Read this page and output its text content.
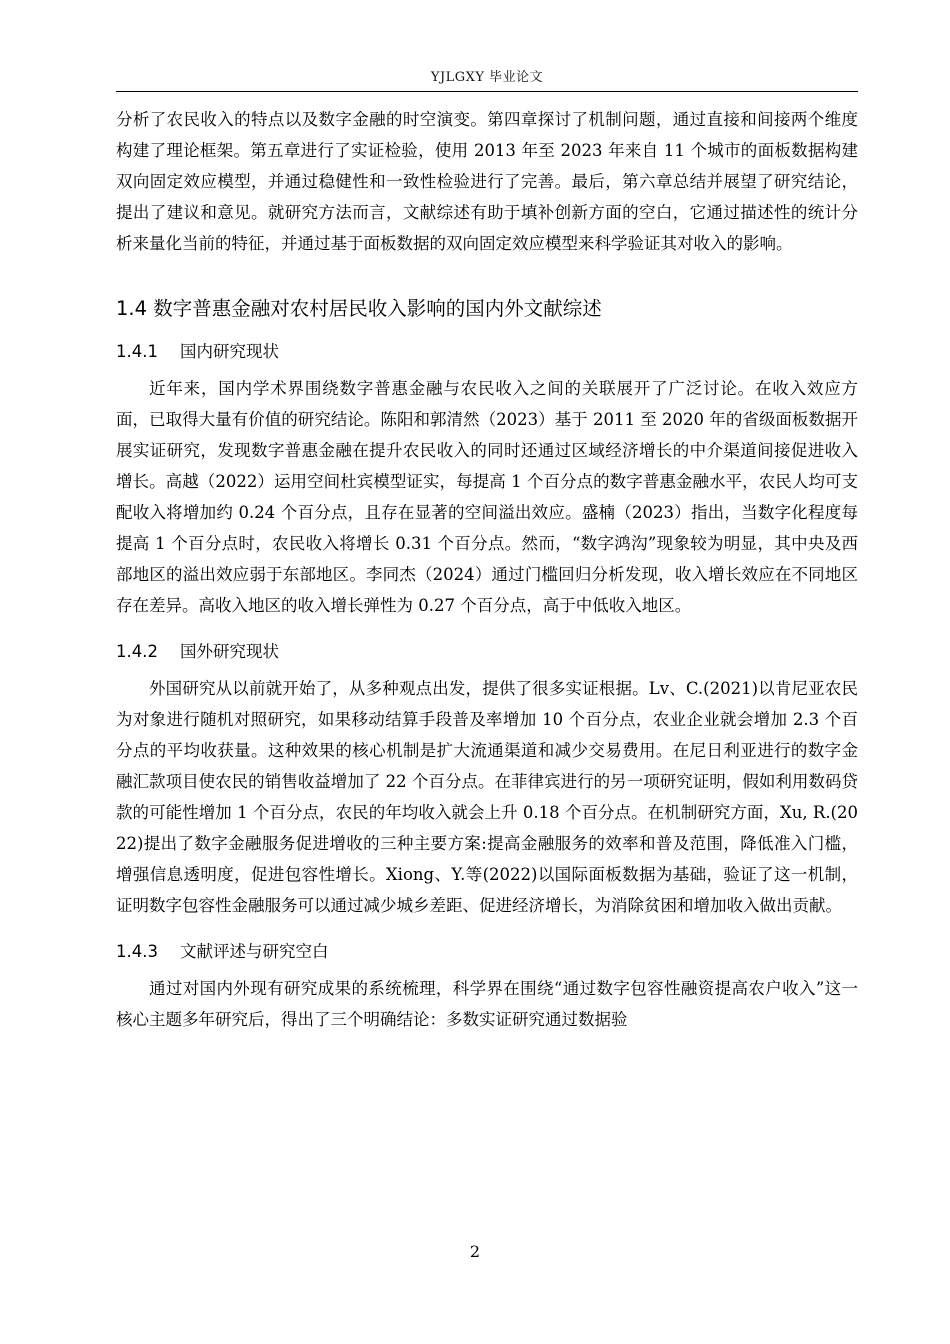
YJLGXY 毕业论文

分析了农民收入的特点以及数字金融的时空演变。第四章探讨了机制问题，通过直接和间接两个维度构建了理论框架。第五章进行了实证检验，使用 2013 年至 2023 年来自 11 个城市的面板数据构建双向固定效应模型，并通过稳健性和一致性检验进行了完善。最后，第六章总结并展望了研究结论，提出了建议和意见。就研究方法而言，文献综述有助于填补创新方面的空白，它通过描述性的统计分析来量化当前的特征，并通过基于面板数据的双向固定效应模型来科学验证其对收入的影响。

1.4 数字普惠金融对农村居民收入影响的国内外文献综述
1.4.1 国内研究现状

近年来，国内学术界围绕数字普惠金融与农民收入之间的关联展开了广泛讨论。在收入效应方面，已取得大量有价值的研究结论。陈阳和郭清然（2023）基于 2011 至 2020 年的省级面板数据开展实证研究，发现数字普惠金融在提升农民收入的同时还通过区域经济增长的中介渠道间接促进收入增长。高越（2022）运用空间杜宾模型证实，每提高 1 个百分点的数字普惠金融水平，农民人均可支配收入将增加约 0.24 个百分点，且存在显著的空间溢出效应。盛楠（2023）指出，当数字化程度每提高 1 个百分点时，农民收入将增长 0.31 个百分点。然而，“数字鸿沟”现象较为明显，其中央及西部地区的溢出效应弱于东部地区。李同杰（2024）通过门槛回归分析发现，收入增长效应在不同地区存在差异。高收入地区的收入增长弹性为 0.27 个百分点，高于中低收入地区。

1.4.2 国外研究现状

外国研究从以前就开始了，从多种观点出发，提供了很多实证根据。Lv、C.(2021)以肯尼亚农民为对象进行随机对照研究，如果移动结算手段普及率增加 10 个百分点，农业企业就会增加 2.3 个百分点的平均收获量。这种效果的核心机制是扩大流通渠道和减少交易费用。在尼日利亚进行的数字金融汇款项目使农民的销售收益增加了 22 个百分点。在菲律宾进行的另一项研究证明，假如利用数码贷款的可能性增加 1 个百分点，农民的年均收入就会上升 0.18 个百分点。在机制研究方面，Xu, R.(2022)提出了数字金融服务促进增收的三种主要方案:提高金融服务的效率和普及范围，降低准入门槛，增强信息透明度，促进包容性增长。Xiong、Y.等(2022)以国际面板数据为基础，验证了这一机制，证明数字包容性金融服务可以通过减少城乡差距、促进经济增长，为消除贫困和增加收入做出贡献。

1.4.3 文献评述与研究空白

通过对国内外现有研究成果的系统梳理，科学界在围绕“通过数字包容性融资提高农户收入”这一核心主题多年研究后，得出了三个明确结论：多数实证研究通过数据验

2
